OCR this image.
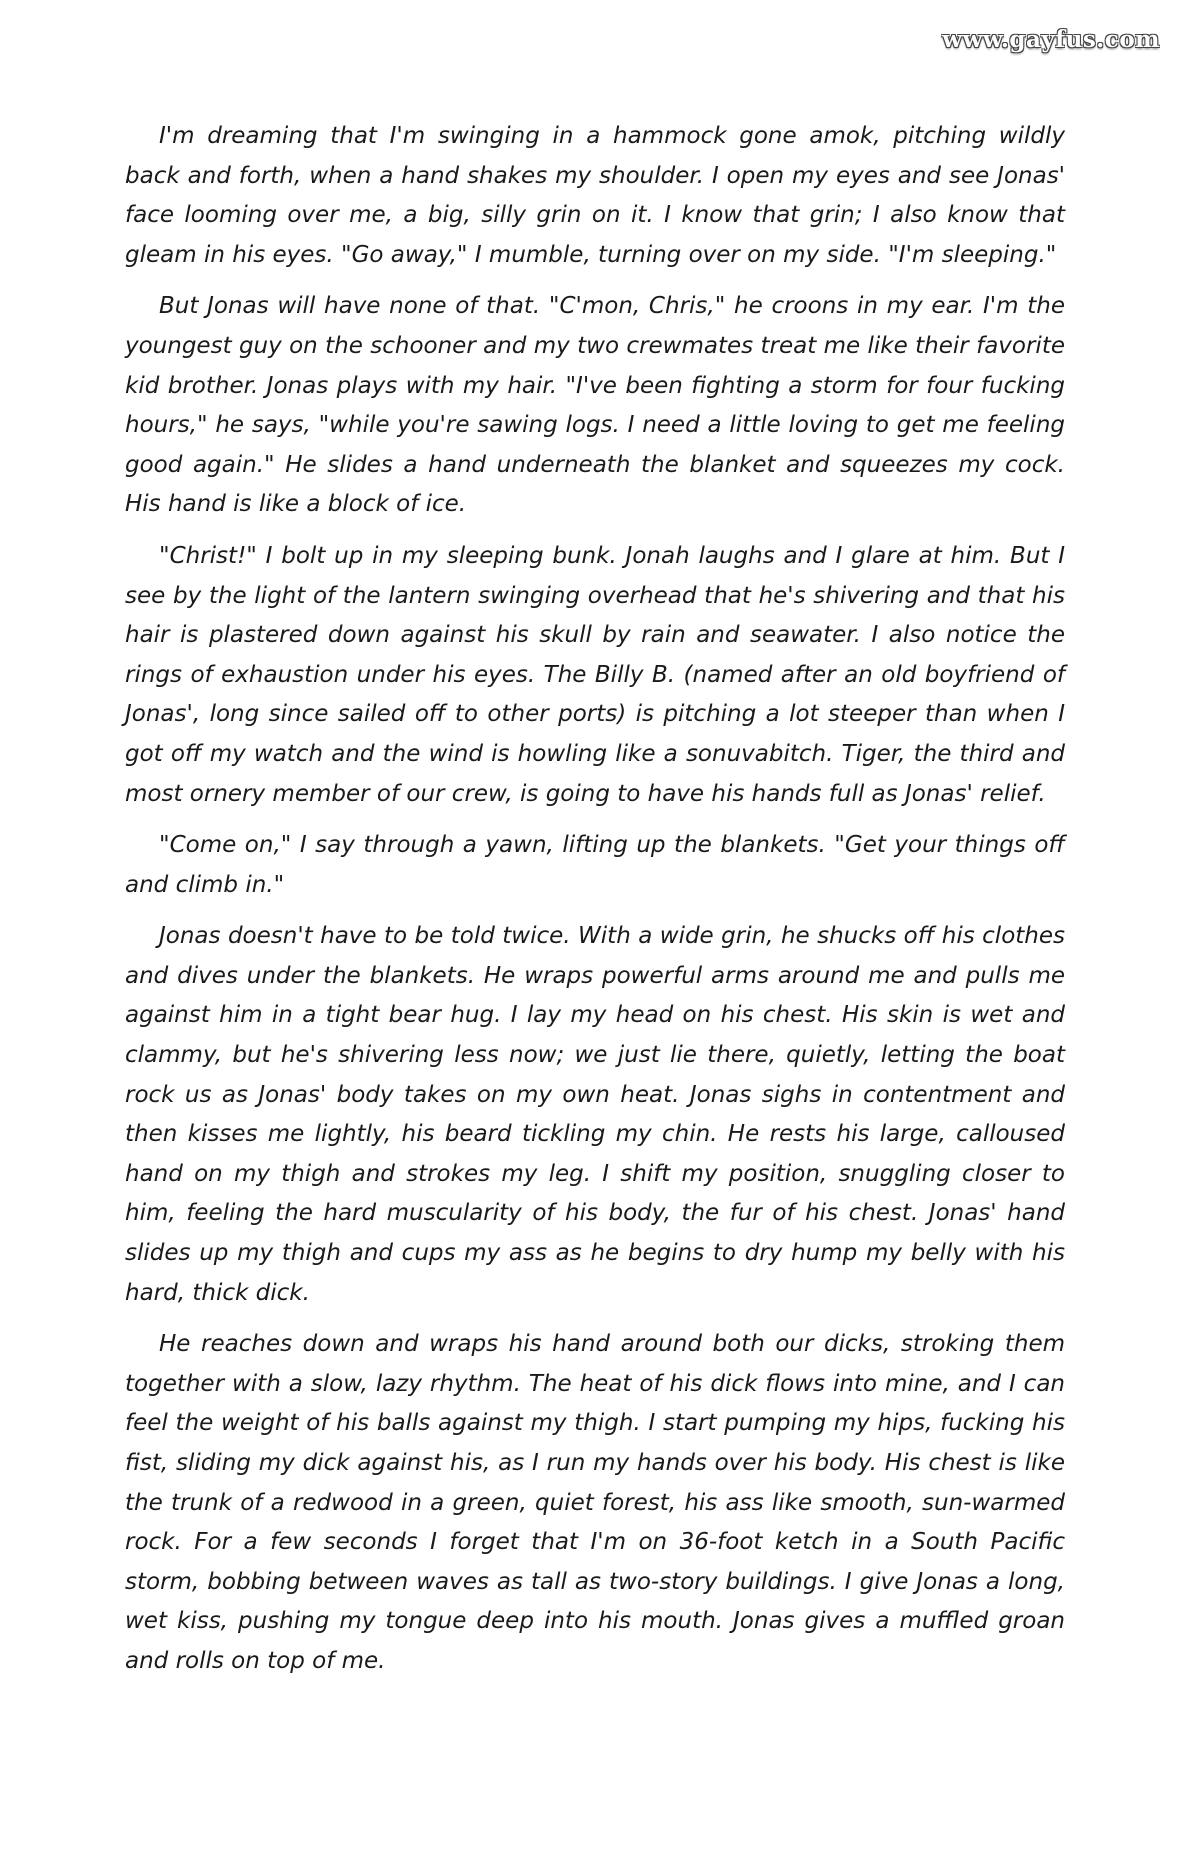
www.gayfus.com

I'm dreaming that I'm swinging in a hammock gone amok, pitching wildly back and forth, when a hand shakes my shoulder. I open my eyes and see Jonas' face looming over me, a big, silly grin on it. I know that grin; I also know that gleam in his eyes. "Go away," I mumble, turning over on my side. "I'm sleeping."

But Jonas will have none of that. "C'mon, Chris," he croons in my ear. I'm the youngest guy on the schooner and my two crewmates treat me like their favorite kid brother. Jonas plays with my hair. "I've been fighting a storm for four fucking hours," he says, "while you're sawing logs. I need a little loving to get me feeling good again." He slides a hand underneath the blanket and squeezes my cock. His hand is like a block of ice.

"Christ!" I bolt up in my sleeping bunk. Jonah laughs and I glare at him. But I see by the light of the lantern swinging overhead that he's shivering and that his hair is plastered down against his skull by rain and seawater. I also notice the rings of exhaustion under his eyes. The Billy B. (named after an old boyfriend of Jonas', long since sailed off to other ports) is pitching a lot steeper than when I got off my watch and the wind is howling like a sonuvabitch. Tiger, the third and most ornery member of our crew, is going to have his hands full as Jonas' relief.

"Come on," I say through a yawn, lifting up the blankets. "Get your things off and climb in."

Jonas doesn't have to be told twice. With a wide grin, he shucks off his clothes and dives under the blankets. He wraps powerful arms around me and pulls me against him in a tight bear hug. I lay my head on his chest. His skin is wet and clammy, but he's shivering less now; we just lie there, quietly, letting the boat rock us as Jonas' body takes on my own heat. Jonas sighs in contentment and then kisses me lightly, his beard tickling my chin. He rests his large, calloused hand on my thigh and strokes my leg. I shift my position, snuggling closer to him, feeling the hard muscularity of his body, the fur of his chest. Jonas' hand slides up my thigh and cups my ass as he begins to dry hump my belly with his hard, thick dick.

He reaches down and wraps his hand around both our dicks, stroking them together with a slow, lazy rhythm. The heat of his dick flows into mine, and I can feel the weight of his balls against my thigh. I start pumping my hips, fucking his fist, sliding my dick against his, as I run my hands over his body. His chest is like the trunk of a redwood in a green, quiet forest, his ass like smooth, sun-warmed rock. For a few seconds I forget that I'm on 36-foot ketch in a South Pacific storm, bobbing between waves as tall as two-story buildings. I give Jonas a long, wet kiss, pushing my tongue deep into his mouth. Jonas gives a muffled groan and rolls on top of me.
